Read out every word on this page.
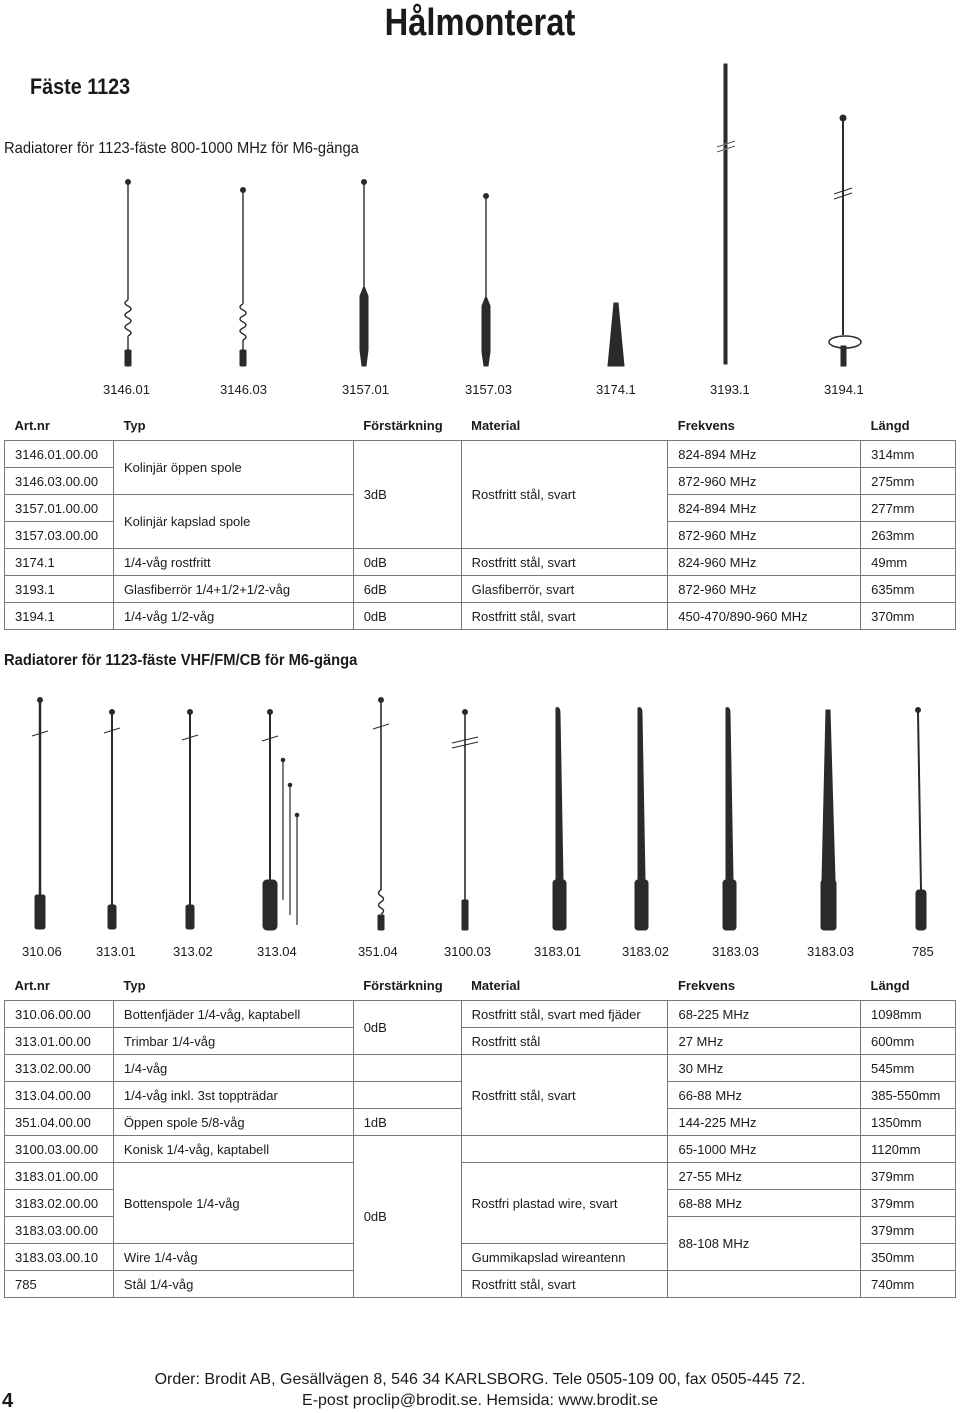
Hålmonterat
Fäste 1123
Radiatorer för 1123-fäste 800-1000 MHz för M6-gänga
3146.01	3146.03	3157.01	3157.03	3174.1	3193.1	3194.1
Art.nr	Typ	Förstärkning	Material	Frekvens	Längd
3146.01.00.00	Kolinjär öppen spole	3dB	Rostfritt stål, svart	824-894 MHz	314mm
3146.03.00.00				872-960 MHz	275mm
3157.01.00.00	Kolinjär kapslad spole			824-894 MHz	277mm
3157.03.00.00				872-960 MHz	263mm
3174.1	1/4-våg rostfritt	0dB	Rostfritt stål, svart	824-960 MHz	49mm
3193.1	Glasfiberrör 1/4+1/2+1/2-våg	6dB	Glasfiberrör, svart	872-960 MHz	635mm
3194.1	1/4-våg 1/2-våg	0dB	Rostfritt stål, svart	450-470/890-960 MHz	370mm
Radiatorer för 1123-fäste VHF/FM/CB för M6-gänga
310.06	313.01	313.02	313.04	351.04	3100.03	3183.01	3183.02	3183.03	3183.03	785
Art.nr	Typ	Förstärkning	Material	Frekvens	Längd
310.06.00.00	Bottenfjäder 1/4-våg, kaptabell	0dB	Rostfritt stål, svart med fjäder	68-225 MHz	1098mm
313.01.00.00	Trimbar 1/4-våg		Rostfritt stål	27 MHz	600mm
313.02.00.00	1/4-våg		Rostfritt stål, svart	30 MHz	545mm
313.04.00.00	1/4-våg inkl. 3st toppträdar			66-88 MHz	385-550mm
351.04.00.00	Öppen spole 5/8-våg	1dB		144-225 MHz	1350mm
3100.03.00.00	Konisk 1/4-våg, kaptabell	0dB		65-1000 MHz	1120mm
3183.01.00.00	Bottenspole 1/4-våg		Rostfri plastad wire, svart	27-55 MHz	379mm
3183.02.00.00				68-88 MHz	379mm
3183.03.00.00				88-108 MHz	379mm
3183.03.00.10	Wire 1/4-våg		Gummikapslad wireantenn		350mm
785	Stål 1/4-våg		Rostfritt stål, svart		740mm
4
Order: Brodit AB, Gesällvägen 8, 546 34 KARLSBORG. Tele 0505-109 00, fax 0505-445 72.
E-post proclip@brodit.se. Hemsida: www.brodit.se
